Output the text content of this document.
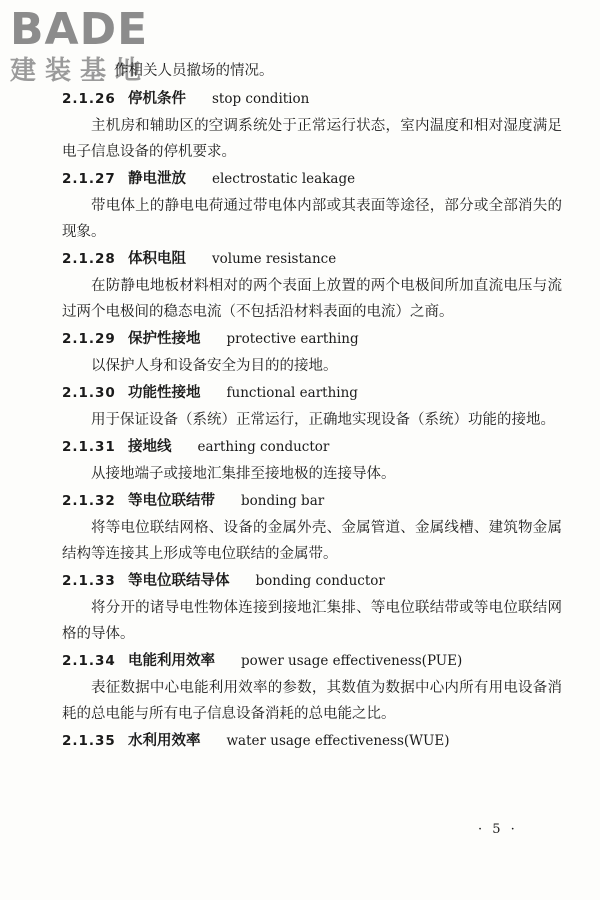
BADE
建装基地
作相关人员撤场的情况。
2.1.26 停机条件 stop condition

主机房和辅助区的空调系统处于正常运行状态，室内温度和相对湿度满足电子信息设备的停机要求。

2.1.27 静电泄放 electrostatic leakage

带电体上的静电电荷通过带电体内部或其表面等途径，部分或全部消失的现象。

2.1.28 体积电阻 volume resistance

在防静电地板材料相对的两个表面上放置的两个电极间所加直流电压与流过两个电极间的稳态电流（不包括沿材料表面的电流）之商。

2.1.29 保护性接地 protective earthing

以保护人身和设备安全为目的的接地。

2.1.30 功能性接地 functional earthing

用于保证设备（系统）正常运行，正确地实现设备（系统）功能的接地。

2.1.31 接地线 earthing conductor

从接地端子或接地汇集排至接地极的连接导体。

2.1.32 等电位联结带 bonding bar

将等电位联结网格、设备的金属外壳、金属管道、金属线槽、建筑物金属结构等连接其上形成等电位联结的金属带。

2.1.33 等电位联结导体 bonding conductor

将分开的诸导电性物体连接到接地汇集排、等电位联结带或等电位联结网格的导体。

2.1.34 电能利用效率 power usage effectiveness(PUE)

表征数据中心电能利用效率的参数，其数值为数据中心内所有用电设备消耗的总电能与所有电子信息设备消耗的总电能之比。

2.1.35 水利用效率 water usage effectiveness(WUE)
· 5 ·
